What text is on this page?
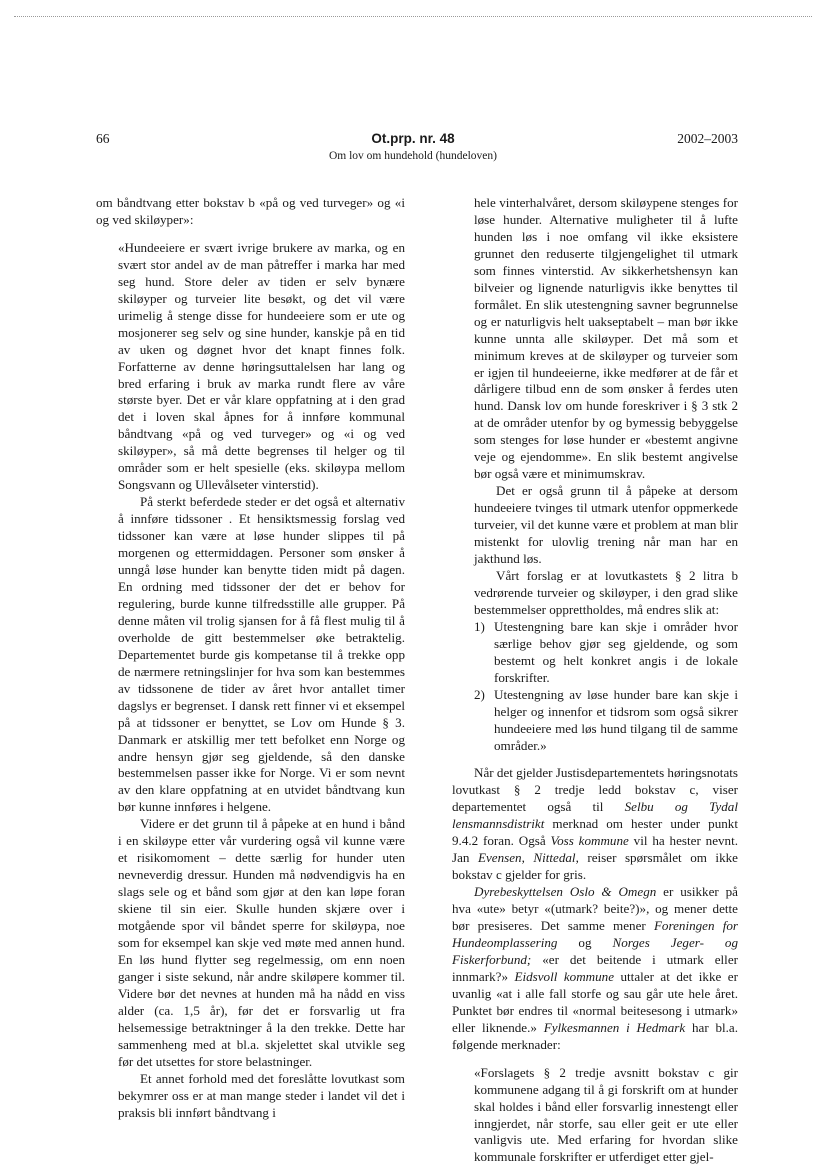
66	Ot.prp. nr. 48
Om lov om hundehold (hundeloven)
2002–2003

om båndtvang etter bokstav b «på og ved turveger» og «i og ved skiløyper»:

«Hundeeiere er svært ivrige brukere av marka, og en svært stor andel av de man påtreffer i marka har med seg hund. Store deler av tiden er selv bynære skiløyper og turveier lite besøkt, og det vil være urimelig å stenge disse for hundeeiere som er ute og mosjonerer seg selv og sine hunder, kanskje på en tid av uken og døgnet hvor det knapt finnes folk. Forfatterne av denne høringsuttalelsen har lang og bred erfaring i bruk av marka rundt flere av våre største byer. Det er vår klare oppfatning at i den grad det i loven skal åpnes for å innføre kommunal båndtvang «på og ved turveger» og «i og ved skiløyper», så må dette begrenses til helger og til områder som er helt spesielle (eks. skiløypa mellom Songsvann og Ullevålseter vinterstid).

På sterkt beferdede steder er det også et alternativ å innføre tidssoner . Et hensiktsmessig forslag ved tidssoner kan være at løse hunder slippes til på morgenen og ettermiddagen. Personer som ønsker å unngå løse hunder kan benytte tiden midt på dagen. En ordning med tidssoner der det er behov for regulering, burde kunne tilfredsstille alle grupper. På denne måten vil trolig sjansen for å få flest mulig til å overholde de gitt bestemmelser øke betraktelig. Departementet burde gis kompetanse til å trekke opp de nærmere retningslinjer for hva som kan bestemmes av tidssonene de tider av året hvor antallet timer dagslys er begrenset. I dansk rett finner vi et eksempel på at tidssoner er benyttet, se Lov om Hunde § 3. Danmark er atskillig mer tett befolket enn Norge og andre hensyn gjør seg gjeldende, så den danske bestemmelsen passer ikke for Norge. Vi er som nevnt av den klare oppfatning at en utvidet båndtvang kun bør kunne innføres i helgene.

Videre er det grunn til å påpeke at en hund i bånd i en skiløype etter vår vurdering også vil kunne være et risikomoment – dette særlig for hunder uten nevneverdig dressur. Hunden må nødvendigvis ha en slags sele og et bånd som gjør at den kan løpe foran skiene til sin eier. Skulle hunden skjære over i motgående spor vil båndet sperre for skiløypa, noe som for eksempel kan skje ved møte med annen hund. En løs hund flytter seg regelmessig, om enn noen ganger i siste sekund, når andre skiløpere kommer til. Videre bør det nevnes at hunden må ha nådd en viss alder (ca. 1,5 år), før det er forsvarlig ut fra helsemessige betraktninger å la den trekke. Dette har sammenheng med at bl.a. skjelettet skal utvikle seg før det utsettes for store belastninger.

Et annet forhold med det foreslåtte lovutkast som bekymrer oss er at man mange steder i landet vil det i praksis bli innført båndtvang i

hele vinterhalvåret, dersom skiløypene stenges for løse hunder. Alternative muligheter til å lufte hunden løs i noe omfang vil ikke eksistere grunnet den reduserte tilgjengelighet til utmark som finnes vinterstid. Av sikkerhetshensyn kan bilveier og lignende naturligvis ikke benyttes til formålet. En slik utestengning savner begrunnelse og er naturligvis helt uakseptabelt – man bør ikke kunne unnta alle skiløyper. Det må som et minimum kreves at de skiløyper og turveier som er igjen til hundeeierne, ikke medfører at de får et dårligere tilbud enn de som ønsker å ferdes uten hund. Dansk lov om hunde foreskriver i § 3 stk 2 at de områder utenfor by og bymessig bebyggelse som stenges for løse hunder er «bestemt angivne veje og ejendomme». En slik bestemt angivelse bør også være et minimumskrav.

Det er også grunn til å påpeke at dersom hundeeiere tvinges til utmark utenfor oppmerkede turveier, vil det kunne være et problem at man blir mistenkt for ulovlig trening når man har en jakthund løs.

Vårt forslag er at lovutkastets § 2 litra b vedrørende turveier og skiløyper, i den grad slike bestemmelser opprettholdes, må endres slik at:

1) Utestengning bare kan skje i områder hvor særlige behov gjør seg gjeldende, og som bestemt og helt konkret angis i de lokale forskrifter.
2) Utestengning av løse hunder bare kan skje i helger og innenfor et tidsrom som også sikrer hundeeiere med løs hund tilgang til de samme områder.»

Når det gjelder Justisdepartementets høringsnotats lovutkast § 2 tredje ledd bokstav c, viser departementet også til Selbu og Tydal lensmannsdistrikt merknad om hester under punkt 9.4.2 foran. Også Voss kommune vil ha hester nevnt. Jan Evensen, Nittedal, reiser spørsmålet om ikke bokstav c gjelder for gris.

Dyrebeskyttelsen Oslo & Omegn er usikker på hva «ute» betyr «(utmark? beite?)», og mener dette bør presiseres. Det samme mener Foreningen for Hundeomplassering og Norges Jeger- og Fiskerforbund; «er det beitende i utmark eller innmark?» Eidsvoll kommune uttaler at det ikke er uvanlig «at i alle fall storfe og sau går ute hele året. Punktet bør endres til «normal beitesesong i utmark» eller liknende.» Fylkesmannen i Hedmark har bl.a. følgende merknader:

«Forslagets § 2 tredje avsnitt bokstav c gir kommunene adgang til å gi forskrift om at hunder skal holdes i bånd eller forsvarlig innestengt eller inngjerdet, når storfe, sau eller geit er ute eller vanligvis ute. Med erfaring for hvordan slike kommunale forskrifter er utferdiget etter gjel-
